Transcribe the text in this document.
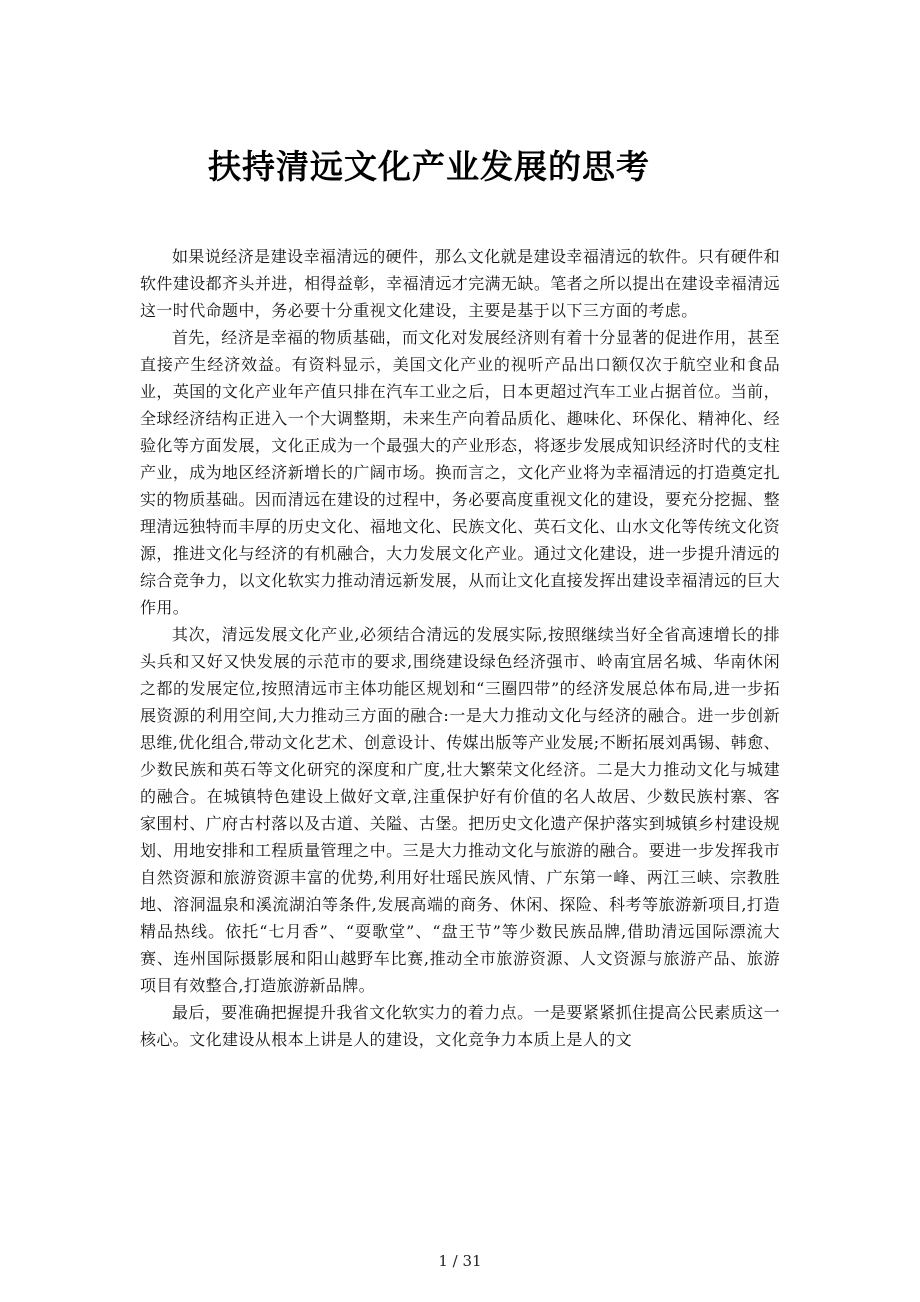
扶持清远文化产业发展的思考

如果说经济是建设幸福清远的硬件，那么文化就是建设幸福清远的软件。只有硬件和软件建设都齐头并进，相得益彰，幸福清远才完满无缺。笔者之所以提出在建设幸福清远这一时代命题中，务必要十分重视文化建设，主要是基于以下三方面的考虑。

首先，经济是幸福的物质基础，而文化对发展经济则有着十分显著的促进作用，甚至直接产生经济效益。有资料显示，美国文化产业的视听产品出口额仅次于航空业和食品业，英国的文化产业年产值只排在汽车工业之后，日本更超过汽车工业占据首位。当前，全球经济结构正进入一个大调整期，未来生产向着品质化、趣味化、环保化、精神化、经验化等方面发展，文化正成为一个最强大的产业形态，将逐步发展成知识经济时代的支柱产业，成为地区经济新增长的广阔市场。换而言之，文化产业将为幸福清远的打造奠定扎实的物质基础。因而清远在建设的过程中，务必要高度重视文化的建设，要充分挖掘、整理清远独特而丰厚的历史文化、福地文化、民族文化、英石文化、山水文化等传统文化资源，推进文化与经济的有机融合，大力发展文化产业。通过文化建设，进一步提升清远的综合竞争力，以文化软实力推动清远新发展，从而让文化直接发挥出建设幸福清远的巨大作用。

其次，清远发展文化产业,必须结合清远的发展实际,按照继续当好全省高速增长的排头兵和又好又快发展的示范市的要求,围绕建设绿色经济强市、岭南宜居名城、华南休闲之都的发展定位,按照清远市主体功能区规划和“三圈四带”的经济发展总体布局,进一步拓展资源的利用空间,大力推动三方面的融合:一是大力推动文化与经济的融合。进一步创新思维,优化组合,带动文化艺术、创意设计、传媒出版等产业发展;不断拓展刘禹锡、韩愈、少数民族和英石等文化研究的深度和广度,壮大繁荣文化经济。二是大力推动文化与城建的融合。在城镇特色建设上做好文章,注重保护好有价值的名人故居、少数民族村寨、客家围村、广府古村落以及古道、关隘、古堡。把历史文化遗产保护落实到城镇乡村建设规划、用地安排和工程质量管理之中。三是大力推动文化与旅游的融合。要进一步发挥我市自然资源和旅游资源丰富的优势,利用好壮瑶民族风情、广东第一峰、两江三峡、宗教胜地、溶洞温泉和溪流湖泊等条件,发展高端的商务、休闲、探险、科考等旅游新项目,打造精品热线。依托“七月香”、“耍歌堂”、“盘王节”等少数民族品牌,借助清远国际漂流大赛、连州国际摄影展和阳山越野车比赛,推动全市旅游资源、人文资源与旅游产品、旅游项目有效整合,打造旅游新品牌。

最后，要准确把握提升我省文化软实力的着力点。一是要紧紧抓住提高公民素质这一核心。文化建设从根本上讲是人的建设，文化竞争力本质上是人的文

1 / 31
